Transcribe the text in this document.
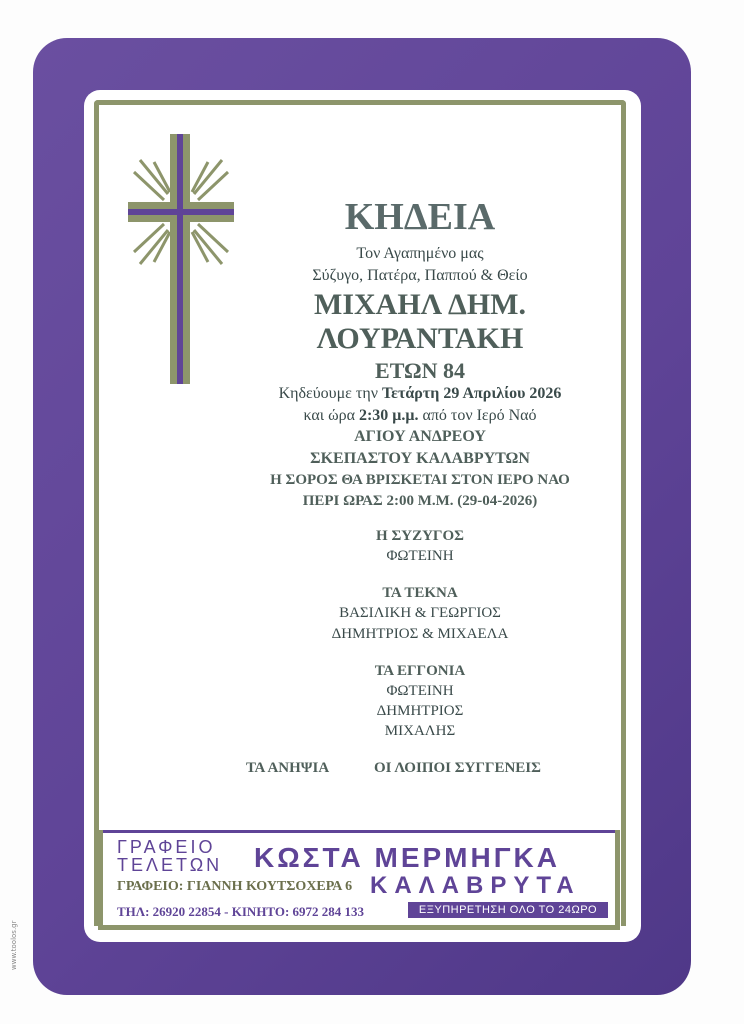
ΚΗΔΕΙΑ
Τον Αγαπημένο μας
Σύζυγο, Πατέρα, Παππού & Θείο
ΜΙΧΑΗΛ ΔΗΜ.
ΛΟΥΡΑΝΤΑΚΗ
ΕΤΩΝ 84
Κηδεύουμε την Τετάρτη 29 Απριλίου 2026
και ώρα 2:30 μ.μ. από τον Ιερό Ναό
ΑΓΙΟΥ ΑΝΔΡΕΟΥ
ΣΚΕΠΑΣΤΟΥ ΚΑΛΑΒΡΥΤΩΝ
Η ΣΟΡΟΣ ΘΑ ΒΡΙΣΚΕΤΑΙ ΣΤΟΝ ΙΕΡΟ ΝΑΟ
ΠΕΡΙ ΩΡΑΣ 2:00 Μ.Μ. (29-04-2026)
Η ΣΥΖΥΓΟΣ
ΦΩΤΕΙΝΗ
ΤΑ ΤΕΚΝΑ
ΒΑΣΙΛΙΚΗ & ΓΕΩΡΓΙΟΣ
ΔΗΜΗΤΡΙΟΣ & ΜΙΧΑΕΛΑ
ΤΑ ΕΓΓΟΝΙΑ
ΦΩΤΕΙΝΗ
ΔΗΜΗΤΡΙΟΣ
ΜΙΧΑΛΗΣ
ΤΑ ΑΝΗΨΙΑ	ΟΙ ΛΟΙΠΟΙ ΣΥΓΓΕΝΕΙΣ
ΓΡΑΦΕΙΟ
ΤΕΛΕΤΩΝ ΚΩΣΤΑ ΜΕΡΜΗΓΚΑ
ΚΑΛΑΒΡΥΤΑ
ΓΡΑΦΕΙΟ: ΓΙΑΝΝΗ ΚΟΥΤΣΟΧΕΡΑ 6
ΤΗΛ: 26920 22854 - ΚΙΝΗΤΟ: 6972 284 133	ΕΞΥΠΗΡΕΤΗΣΗ ΟΛΟ ΤΟ 24ΩΡΟ
www.toolos.gr
